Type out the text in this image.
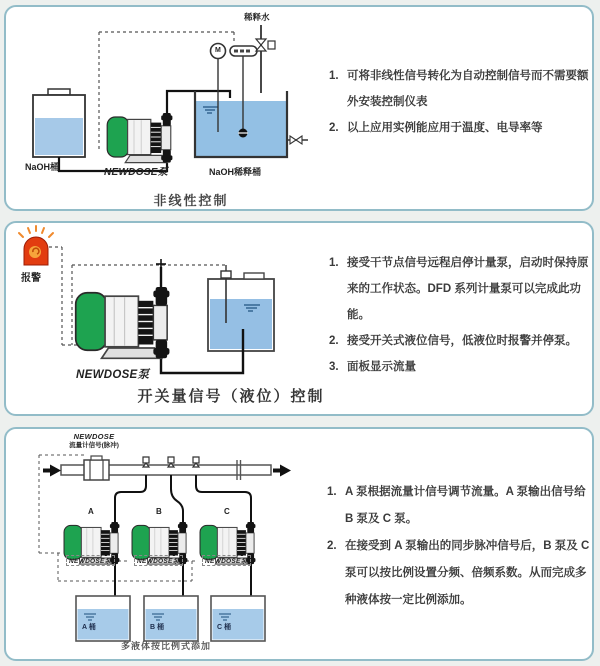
M
稀释水
NaOH桶	NEWDOSE泵	NaOH稀释桶
非线性控制
1. 可将非线性信号转化为自动控制信号而不需要额外安装控制仪表
2. 以上应用实例能应用于温度、电导率等
报警
NEWDOSE泵
开关量信号（液位）控制
1. 接受干节点信号远程启停计量泵，启动时保持原来的工作状态。DFD 系列计量泵可以完成此功能。
2. 接受开关式液位信号，低液位时报警并停泵。
3. 面板显示流量
NEWDOSE
流量计信号(脉冲)
A	B	C
NEWDOSE泵	NEWDOSE泵	NEWDOSE泵
A 桶	B 桶	C 桶
多液体按比例式添加
1. A 泵根据流量计信号调节流量。A 泵输出信号给 B 泵及 C 泵。
2. 在接受到 A 泵输出的同步脉冲信号后，B 泵及 C 泵可以按比例设置分频、倍频系数。从而完成多种液体按一定比例添加。
